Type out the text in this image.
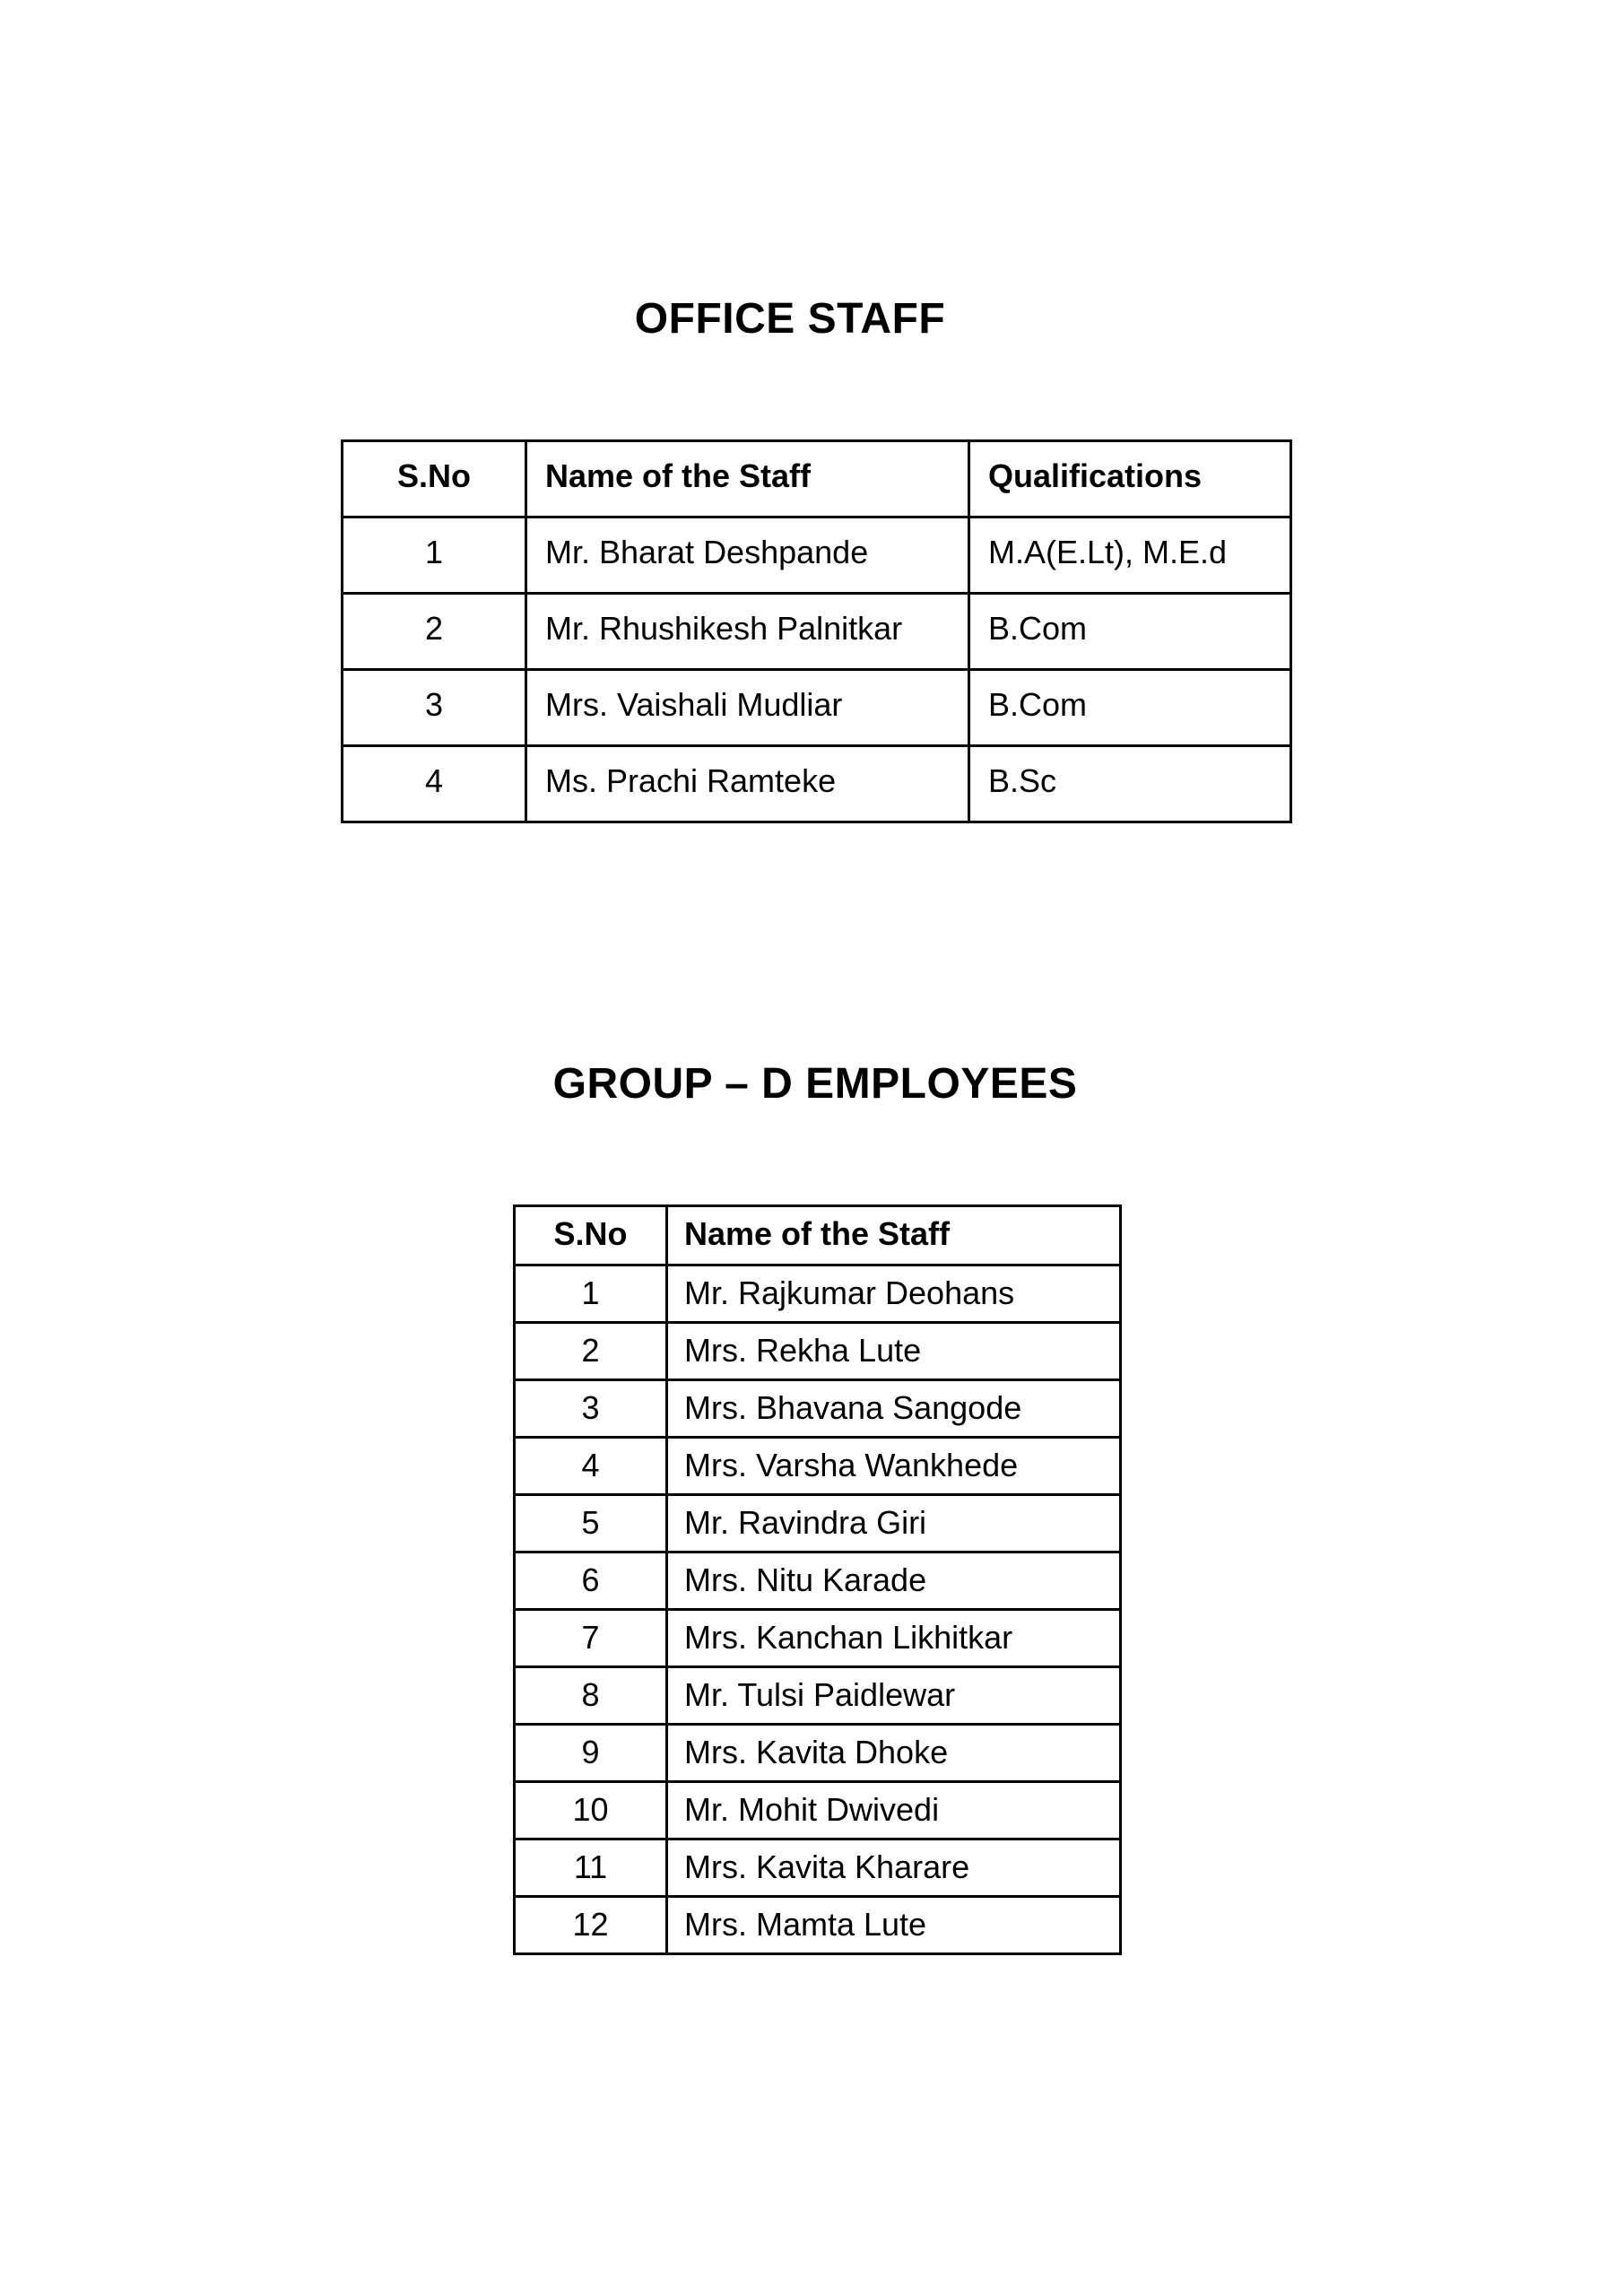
OFFICE STAFF
S.No	Name of the Staff	Qualifications
1	Mr. Bharat Deshpande	M.A(E.Lt), M.E.d
2	Mr. Rhushikesh Palnitkar	B.Com
3	Mrs. Vaishali Mudliar	B.Com
4	Ms. Prachi Ramteke	B.Sc
GROUP – D EMPLOYEES
S.No	Name of the Staff
1	Mr. Rajkumar Deohans
2	Mrs. Rekha Lute
3	Mrs. Bhavana Sangode
4	Mrs. Varsha Wankhede
5	Mr. Ravindra Giri
6	Mrs. Nitu Karade
7	Mrs. Kanchan Likhitkar
8	Mr. Tulsi Paidlewar
9	Mrs. Kavita Dhoke
10	Mr. Mohit Dwivedi
11	Mrs. Kavita Kharare
12	Mrs. Mamta Lute
